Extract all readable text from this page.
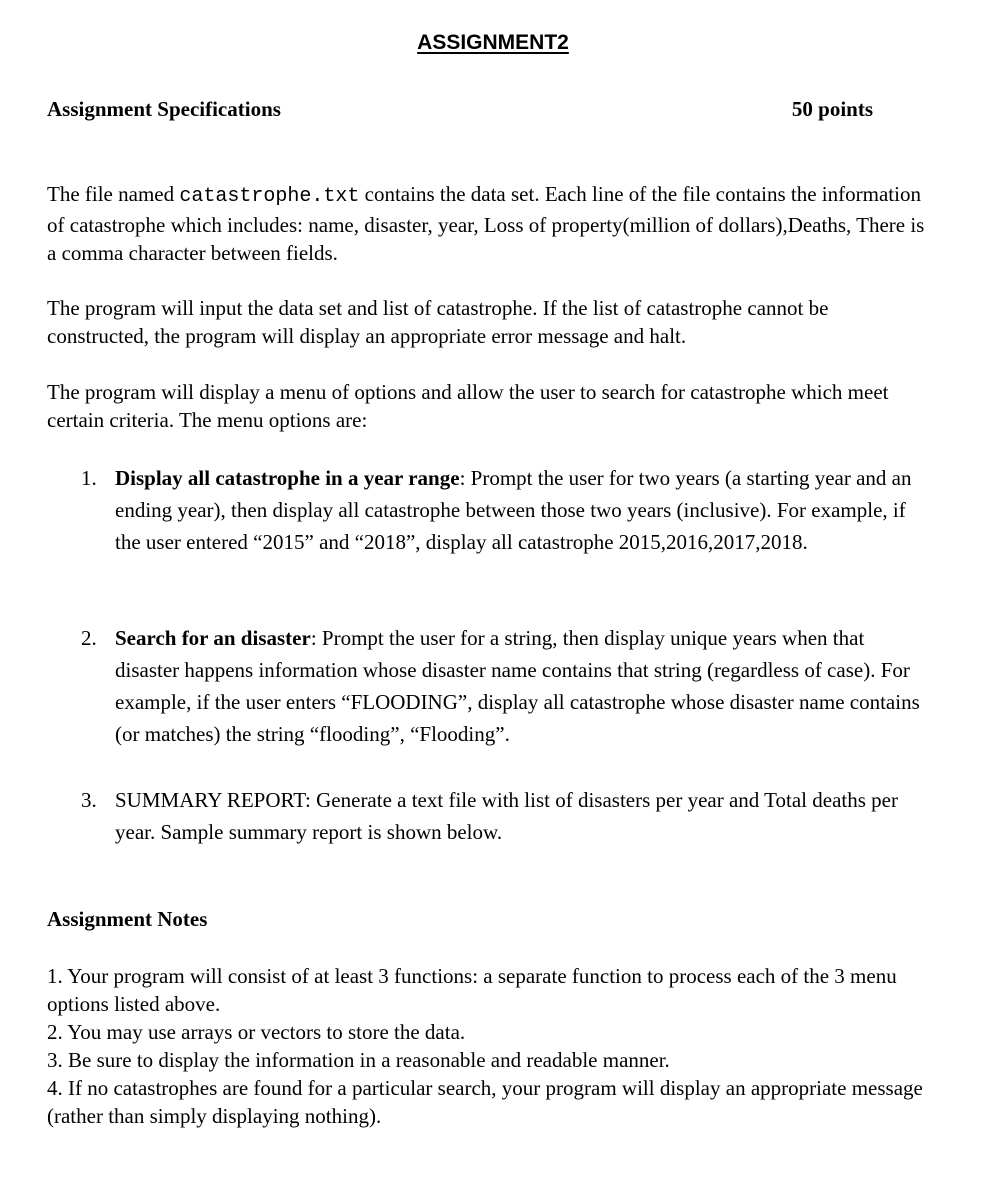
ASSIGNMENT2
Assignment Specifications	50 points

The file named catastrophe.txt contains the data set. Each line of the file contains the information of catastrophe which includes: name, disaster, year, Loss of property(million of dollars),Deaths, There is a comma character between fields.

The program will input the data set and list of catastrophe. If the list of catastrophe cannot be constructed, the program will display an appropriate error message and halt.

The program will display a menu of options and allow the user to search for catastrophe which meet certain criteria. The menu options are:

1. Display all catastrophe in a year range: Prompt the user for two years (a starting year and an ending year), then display all catastrophe between those two years (inclusive). For example, if the user entered “2015” and “2018”, display all catastrophe 2015,2016,2017,2018.
2. Search for an disaster: Prompt the user for a string, then display unique years when that disaster happens information whose disaster name contains that string (regardless of case). For example, if the user enters “FLOODING”, display all catastrophe whose disaster name contains (or matches) the string “flooding”, “Flooding”.
3. SUMMARY REPORT: Generate a text file with list of disasters per year and Total deaths per year. Sample summary report is shown below.
Assignment Notes
1. Your program will consist of at least 3 functions: a separate function to process each of the 3 menu options listed above.
2. You may use arrays or vectors to store the data.
3. Be sure to display the information in a reasonable and readable manner.
4. If no catastrophes are found for a particular search, your program will display an appropriate message (rather than simply displaying nothing).
